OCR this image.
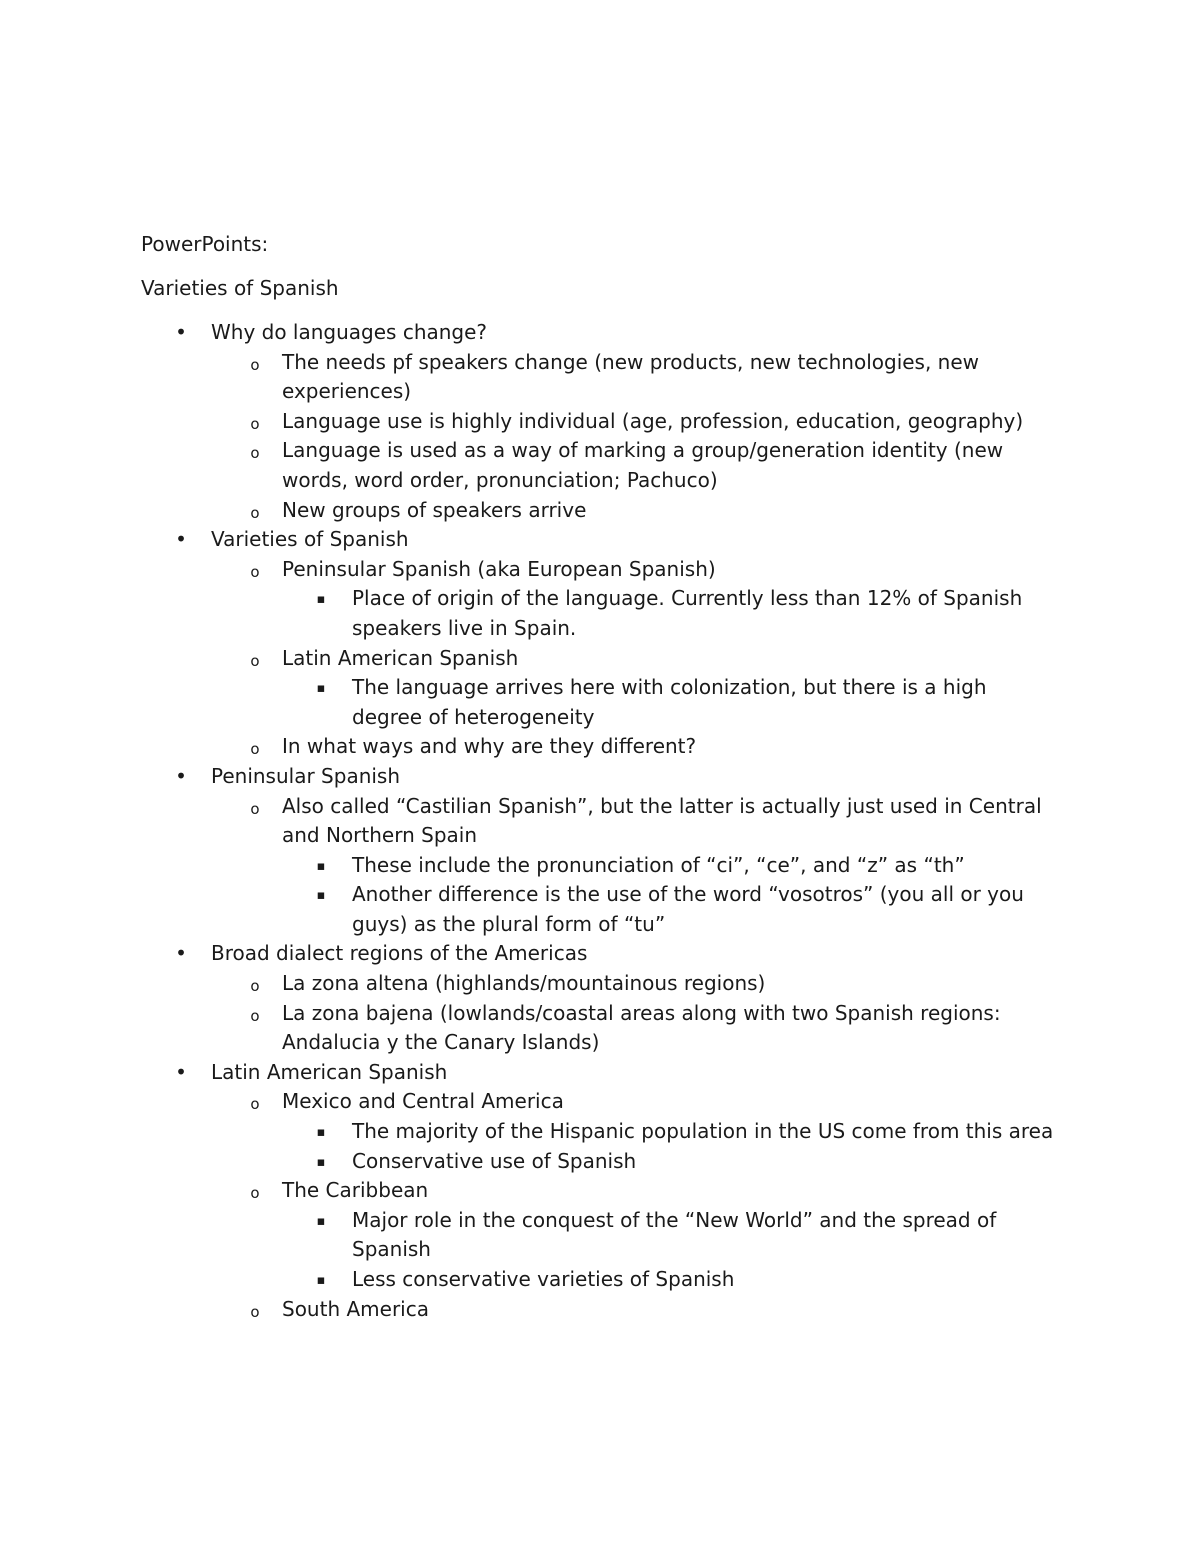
PowerPoints:
Varieties of Spanish
• Why do languages change?
o The needs pf speakers change (new products, new technologies, new experiences)
o Language use is highly individual (age, profession, education, geography)
o Language is used as a way of marking a group/generation identity (new words, word order, pronunciation; Pachuco)
o New groups of speakers arrive
• Varieties of Spanish
o Peninsular Spanish (aka European Spanish)
▪ Place of origin of the language. Currently less than 12% of Spanish speakers live in Spain.
o Latin American Spanish
▪ The language arrives here with colonization, but there is a high degree of heterogeneity
o In what ways and why are they different?
• Peninsular Spanish
o Also called “Castilian Spanish”, but the latter is actually just used in Central and Northern Spain
▪ These include the pronunciation of “ci”, “ce”, and “z” as “th”
▪ Another difference is the use of the word “vosotros” (you all or you guys) as the plural form of “tu”
• Broad dialect regions of the Americas
o La zona altena (highlands/mountainous regions)
o La zona bajena (lowlands/coastal areas along with two Spanish regions: Andalucia y the Canary Islands)
• Latin American Spanish
o Mexico and Central America
▪ The majority of the Hispanic population in the US come from this area
▪ Conservative use of Spanish
o The Caribbean
▪ Major role in the conquest of the “New World” and the spread of Spanish
▪ Less conservative varieties of Spanish
o South America
